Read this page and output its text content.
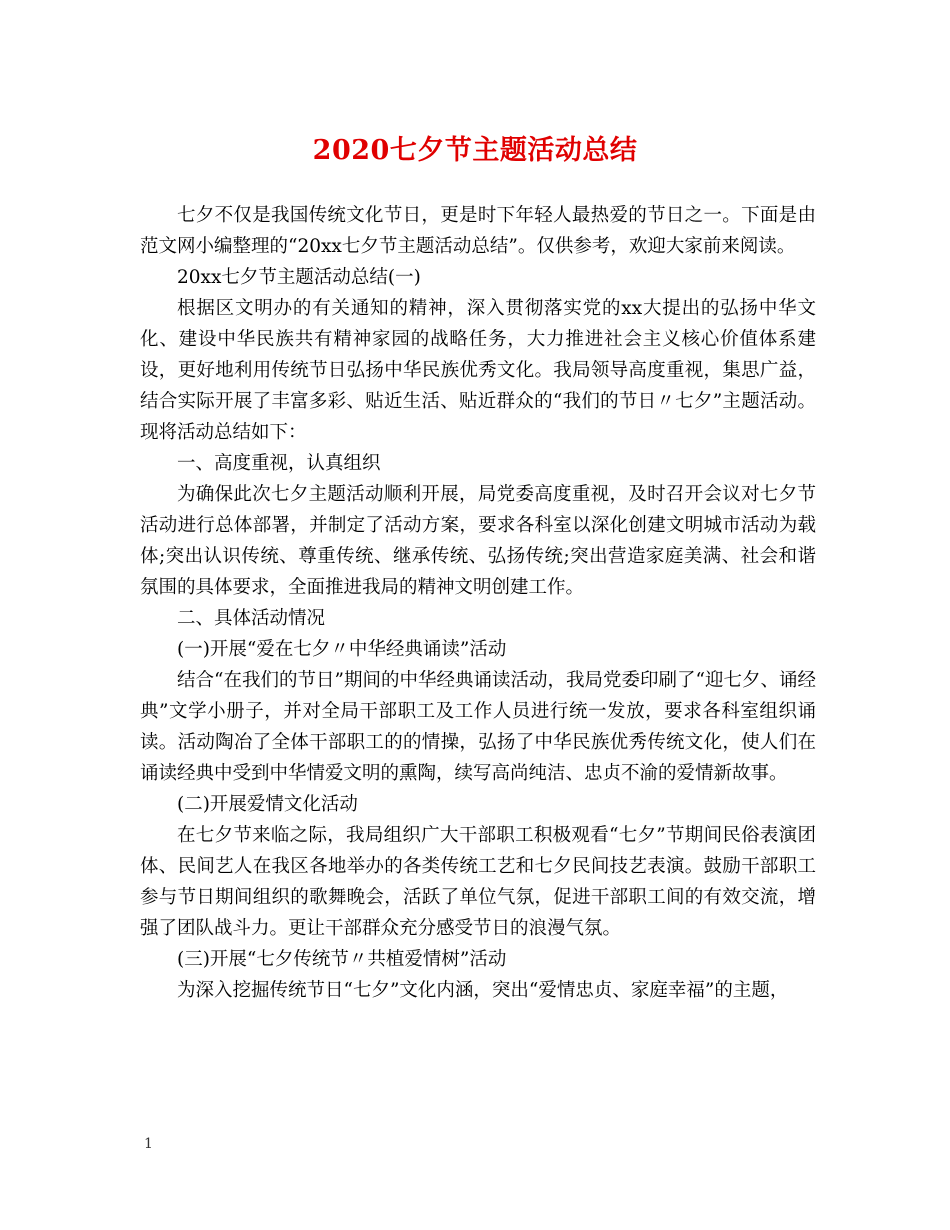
2020七夕节主题活动总结

七夕不仅是我国传统文化节日，更是时下年轻人最热爱的节日之一。下面是由范文网小编整理的“20xx七夕节主题活动总结”。仅供参考，欢迎大家前来阅读。

20xx七夕节主题活动总结(一)

根据区文明办的有关通知的精神，深入贯彻落实党的xx大提出的弘扬中华文化、建设中华民族共有精神家园的战略任务，大力推进社会主义核心价值体系建设，更好地利用传统节日弘扬中华民族优秀文化。我局领导高度重视，集思广益，结合实际开展了丰富多彩、贴近生活、贴近群众的“我们的节日〃七夕”主题活动。现将活动总结如下：

一、高度重视，认真组织

为确保此次七夕主题活动顺利开展，局党委高度重视，及时召开会议对七夕节活动进行总体部署，并制定了活动方案，要求各科室以深化创建文明城市活动为载体;突出认识传统、尊重传统、继承传统、弘扬传统;突出营造家庭美满、社会和谐氛围的具体要求，全面推进我局的精神文明创建工作。

二、具体活动情况

(一)开展“爱在七夕〃中华经典诵读”活动

结合“在我们的节日”期间的中华经典诵读活动，我局党委印刷了“迎七夕、诵经典”文学小册子，并对全局干部职工及工作人员进行统一发放，要求各科室组织诵读。活动陶冶了全体干部职工的的情操，弘扬了中华民族优秀传统文化，使人们在诵读经典中受到中华情爱文明的熏陶，续写高尚纯洁、忠贞不渝的爱情新故事。

(二)开展爱情文化活动

在七夕节来临之际，我局组织广大干部职工积极观看“七夕”节期间民俗表演团体、民间艺人在我区各地举办的各类传统工艺和七夕民间技艺表演。鼓励干部职工参与节日期间组织的歌舞晚会，活跃了单位气氛，促进干部职工间的有效交流，增强了团队战斗力。更让干部群众充分感受节日的浪漫气氛。

(三)开展“七夕传统节〃共植爱情树”活动

为深入挖掘传统节日“七夕”文化内涵，突出“爱情忠贞、家庭幸福”的主题，

1
